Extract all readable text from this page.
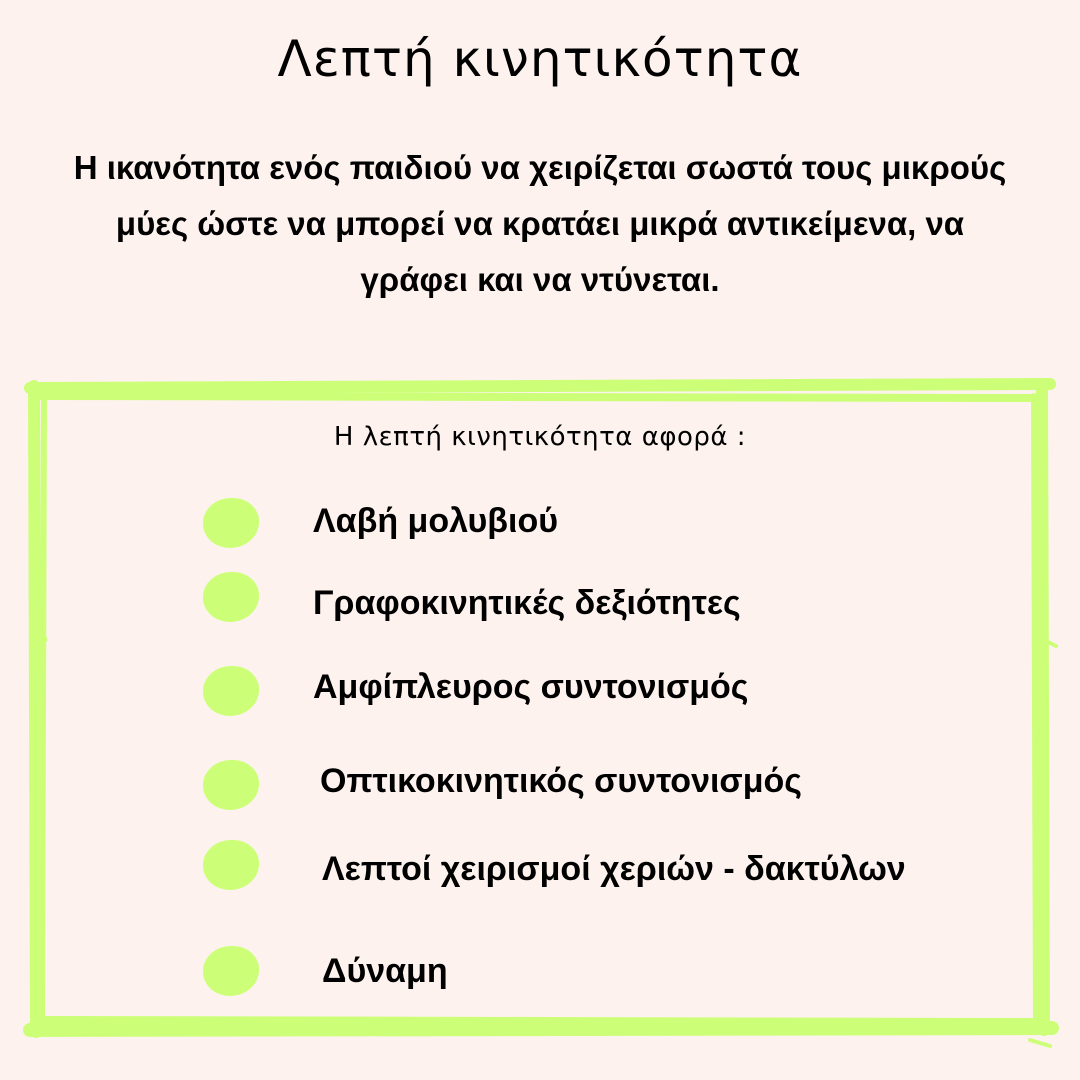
Λεπτή κινητικότητα
Η ικανότητα ενός παιδιού να χειρίζεται σωστά τους μικρούς μύες ώστε να μπορεί να κρατάει μικρά αντικείμενα, να γράφει και να ντύνεται.
Η λεπτή κινητικότητα αφορά :
Λαβή μολυβιού
Γραφοκινητικές δεξιότητες
Αμφίπλευρος συντονισμός
Οπτικοκινητικός συντονισμός
Λεπτοί χειρισμοί χεριών - δακτύλων
Δύναμη
